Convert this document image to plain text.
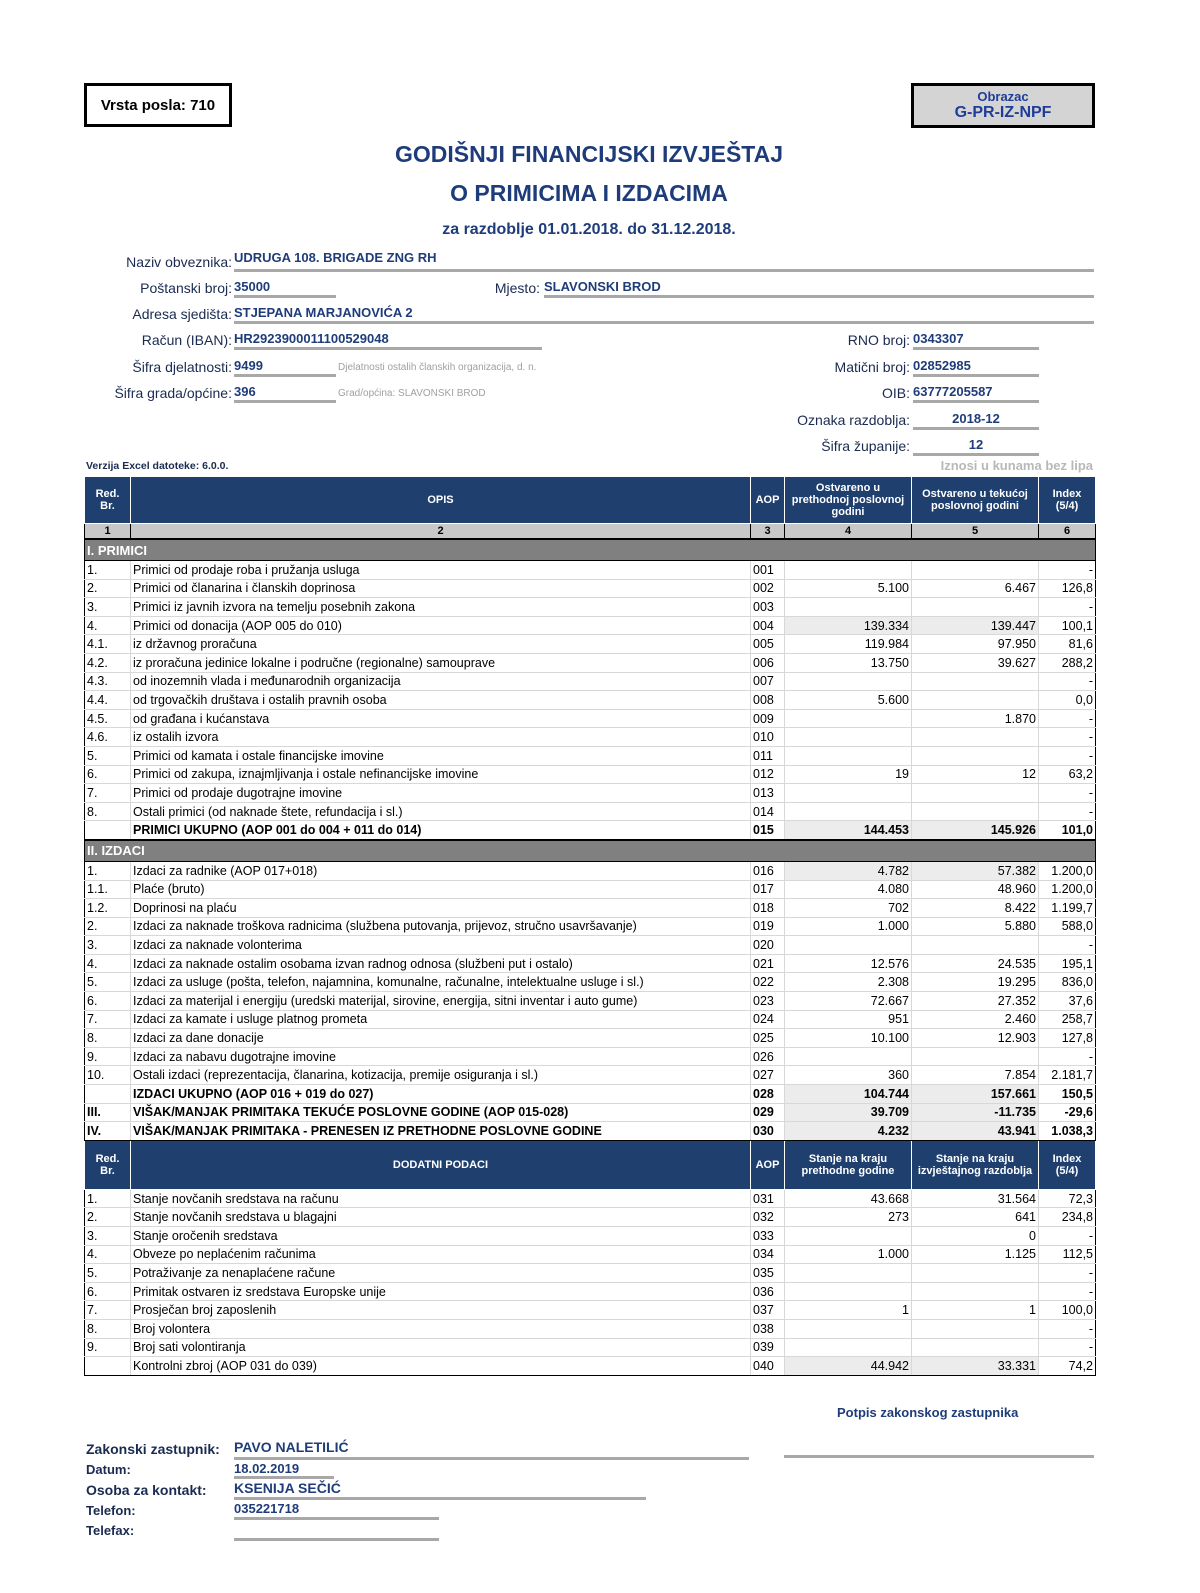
Vrsta posla: 710	Obrazac
G-PR-IZ-NPF
GODIŠNJI FINANCIJSKI IZVJEŠTAJ
O PRIMICIMA I IZDACIMA
za razdoblje 01.01.2018. do 31.12.2018.
Naziv obveznika: UDRUGA 108. BRIGADE ZNG RH
Poštanski broj: 35000	Mjesto: SLAVONSKI BROD
Adresa sjedišta: STJEPANA MARJANOVIĆA 2
Račun (IBAN): HR2923900011100529048	RNO broj: 0343307
Šifra djelatnosti: 9499	Djelatnosti ostalih članskih organizacija, d. n.	Matični broj: 02852985
Šifra grada/općine: 396	Grad/općina: SLAVONSKI BROD	OIB: 63777205587
Oznaka razdoblja:	2018-12
Šifra županije:	12
Verzija Excel datoteke: 6.0.0.	Iznosi u kunama bez lipa
Red. Br.	OPIS	AOP	Ostvareno u prethodnoj poslovnoj godini	Ostvareno u tekućoj poslovnoj godini	Index (5/4)
1	2	3	4	5	6
I. PRIMICI					
1.	Primici od prodaje roba i pružanja usluga	001			-
2.	Primici od članarina i članskih doprinosa	002	5.100	6.467	126,8
3.	Primici iz javnih izvora na temelju posebnih zakona	003			-
4.	Primici od donacija (AOP 005 do 010)	004	139.334	139.447	100,1
4.1.	iz državnog proračuna	005	119.984	97.950	81,6
4.2.	iz proračuna jedinice lokalne i područne (regionalne) samouprave	006	13.750	39.627	288,2
4.3.	od inozemnih vlada i međunarodnih organizacija	007			-
4.4.	od trgovačkih društava i ostalih pravnih osoba	008	5.600		0,0
4.5.	od građana i kućanstava	009		1.870	-
4.6.	iz ostalih izvora	010			-
5.	Primici od kamata i ostale financijske imovine	011			-
6.	Primici od zakupa, iznajmljivanja i ostale nefinancijske imovine	012	19	12	63,2
7.	Primici od prodaje dugotrajne imovine	013			-
8.	Ostali primici (od naknade štete, refundacija i sl.)	014			-
	PRIMICI UKUPNO (AOP 001 do 004 + 011 do 014)	015	144.453	145.926	101,0
II. IZDACI					
1.	Izdaci za radnike (AOP 017+018)	016	4.782	57.382	1.200,0
1.1.	Plaće (bruto)	017	4.080	48.960	1.200,0
1.2.	Doprinosi na plaću	018	702	8.422	1.199,7
2.	Izdaci za naknade troškova radnicima (službena putovanja, prijevoz, stručno usavršavanje)	019	1.000	5.880	588,0
3.	Izdaci za naknade volonterima	020			-
4.	Izdaci za naknade ostalim osobama izvan radnog odnosa (službeni put i ostalo)	021	12.576	24.535	195,1
5.	Izdaci za usluge (pošta, telefon, najamnina, komunalne, računalne, intelektualne usluge i sl.)	022	2.308	19.295	836,0
6.	Izdaci za materijal i energiju (uredski materijal, sirovine, energija, sitni inventar i auto gume)	023	72.667	27.352	37,6
7.	Izdaci za kamate i usluge platnog prometa	024	951	2.460	258,7
8.	Izdaci za dane donacije	025	10.100	12.903	127,8
9.	Izdaci za nabavu dugotrajne imovine	026			-
10.	Ostali izdaci (reprezentacija, članarina, kotizacija, premije osiguranja i sl.)	027	360	7.854	2.181,7
	IZDACI UKUPNO (AOP 016 + 019 do 027)	028	104.744	157.661	150,5
III.	VIŠAK/MANJAK PRIMITAKA TEKUĆE POSLOVNE GODINE (AOP 015-028)	029	39.709	-11.735	-29,6
IV.	VIŠAK/MANJAK PRIMITAKA - PRENESEN IZ PRETHODNE POSLOVNE GODINE	030	4.232	43.941	1.038,3
Red. Br.	DODATNI PODACI	AOP	Stanje na kraju prethodne godine	Stanje na kraju izvještajnog razdoblja	Index (5/4)
1.	Stanje novčanih sredstava na računu	031	43.668	31.564	72,3
2.	Stanje novčanih sredstava u blagajni	032	273	641	234,8
3.	Stanje oročenih sredstava	033		0	-
4.	Obveze po neplaćenim računima	034	1.000	1.125	112,5
5.	Potraživanje za nenaplaćene račune	035			-
6.	Primitak ostvaren iz sredstava Europske unije	036			-
7.	Prosječan broj zaposlenih	037	1	1	100,0
8.	Broj volontera	038			-
9.	Broj sati volontiranja	039			-
	Kontrolni zbroj (AOP 031 do 039)	040	44.942	33.331	74,2
Potpis zakonskog zastupnika
Zakonski zastupnik: PAVO NALETILIĆ
Datum:	18.02.2019
Osoba za kontakt: KSENIJA SEČIĆ
Telefon:	035221718
Telefax:
